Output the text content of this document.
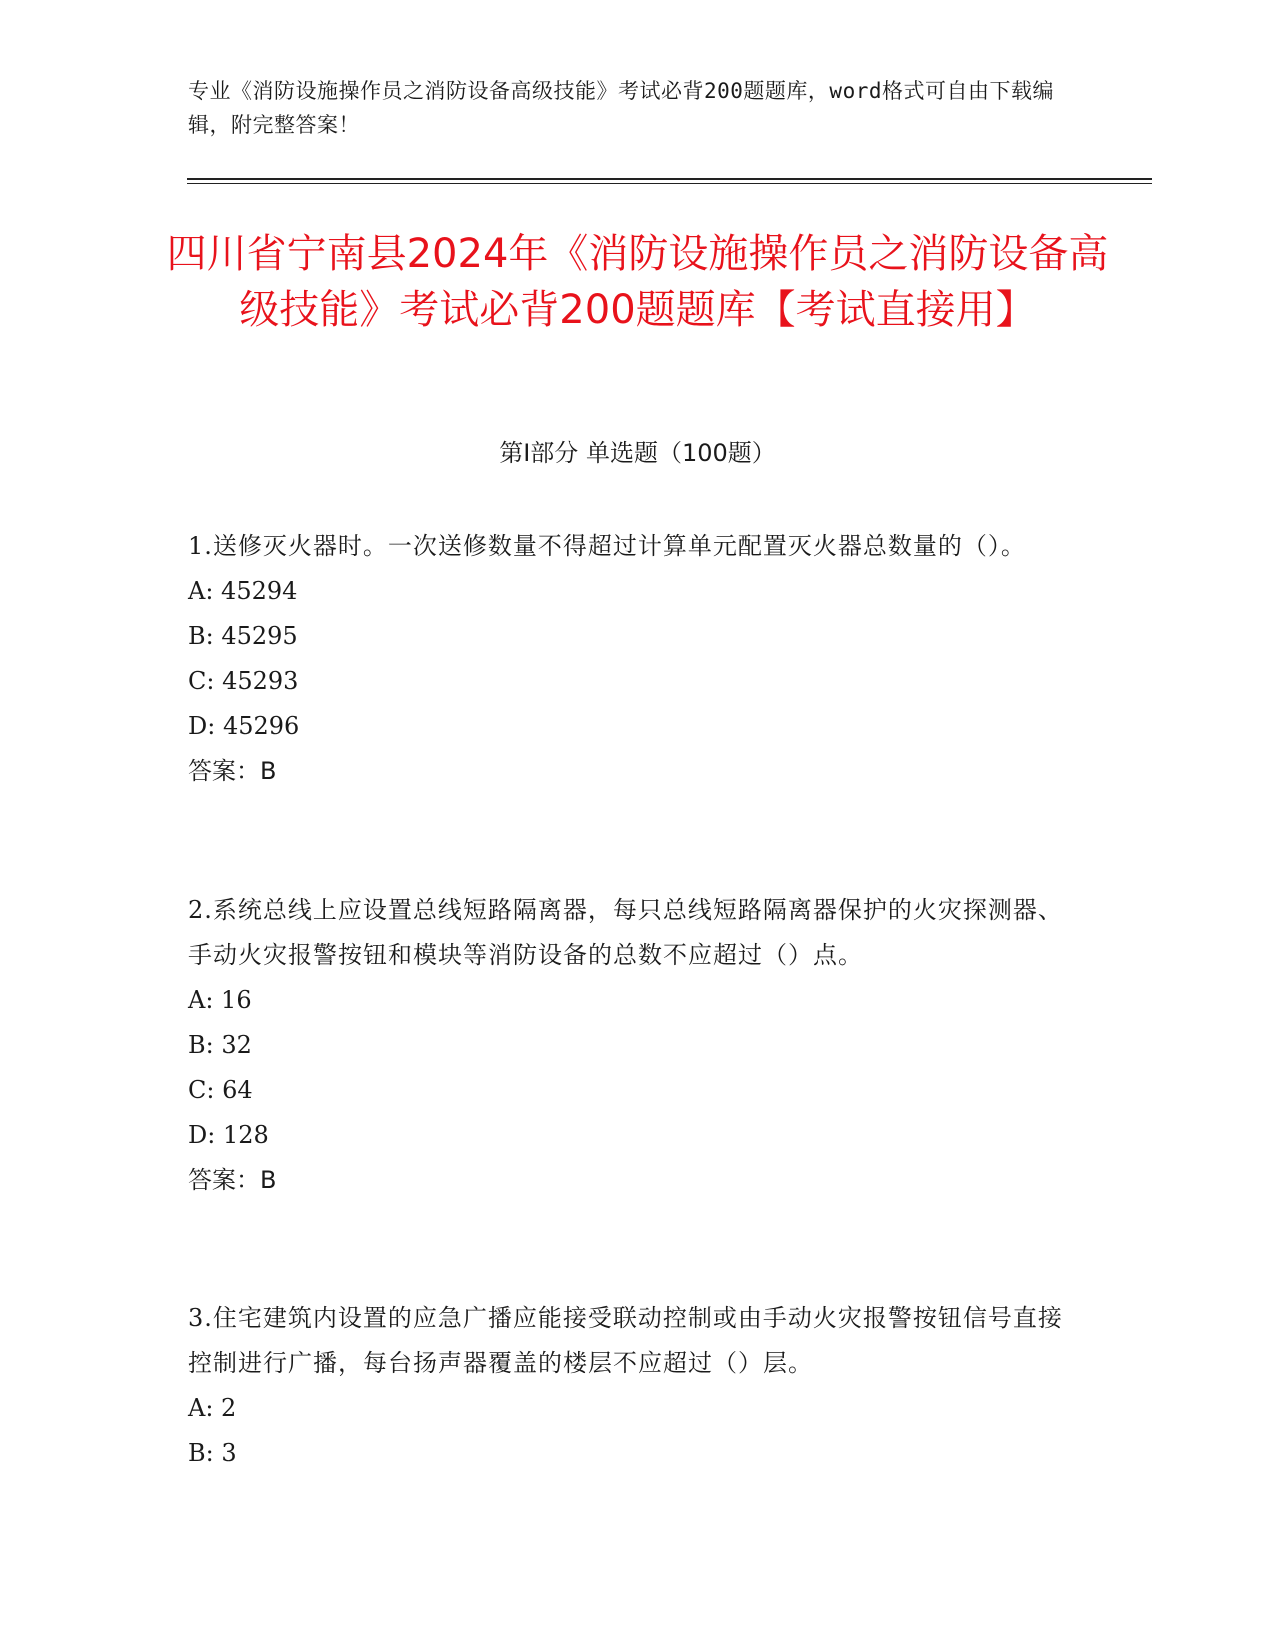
专业《消防设施操作员之消防设备高级技能》考试必背200题题库，word格式可自由下载编辑，附完整答案！
四川省宁南县2024年《消防设施操作员之消防设备高级技能》考试必背200题题库【考试直接用】
第Ⅰ部分 单选题（100题）

1.送修灭火器时。一次送修数量不得超过计算单元配置灭火器总数量的（）。

A: 45294

B: 45295

C: 45293

D: 45296

答案：B

2.系统总线上应设置总线短路隔离器，每只总线短路隔离器保护的火灾探测器、手动火灾报警按钮和模块等消防设备的总数不应超过（）点。

A: 16

B: 32

C: 64

D: 128

答案：B

3.住宅建筑内设置的应急广播应能接受联动控制或由手动火灾报警按钮信号直接控制进行广播，每台扬声器覆盖的楼层不应超过（）层。

A: 2

B: 3
